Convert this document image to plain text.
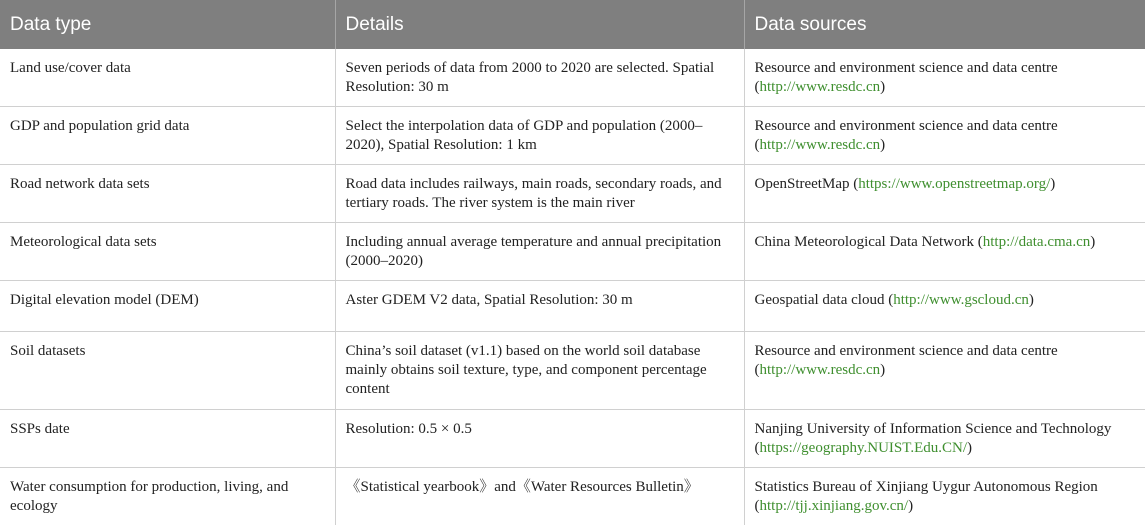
Data type	Details	Data sources
Land use/cover data	Seven periods of data from 2000 to 2020 are selected. Spatial Resolution: 30 m	Resource and environment science and data centre (http://www.resdc.cn)
GDP and population grid data	Select the interpolation data of GDP and population (2000–2020), Spatial Resolution: 1 km	Resource and environment science and data centre (http://www.resdc.cn)
Road network data sets	Road data includes railways, main roads, secondary roads, and tertiary roads. The river system is the main river	OpenStreetMap (https://www.openstreetmap.org/)
Meteorological data sets	Including annual average temperature and annual precipitation (2000–2020)	China Meteorological Data Network (http://data.cma.cn)
Digital elevation model (DEM)	Aster GDEM V2 data, Spatial Resolution: 30 m	Geospatial data cloud (http://www.gscloud.cn)
Soil datasets	China’s soil dataset (v1.1) based on the world soil database mainly obtains soil texture, type, and component percentage content	Resource and environment science and data centre (http://www.resdc.cn)
SSPs date	Resolution: 0.5 × 0.5	Nanjing University of Information Science and Technology (https://geography.NUIST.Edu.CN/)
Water consumption for production, living, and ecology	《Statistical yearbook》and《Water Resources Bulletin》	Statistics Bureau of Xinjiang Uygur Autonomous Region (http://tjj.xinjiang.gov.cn/)
